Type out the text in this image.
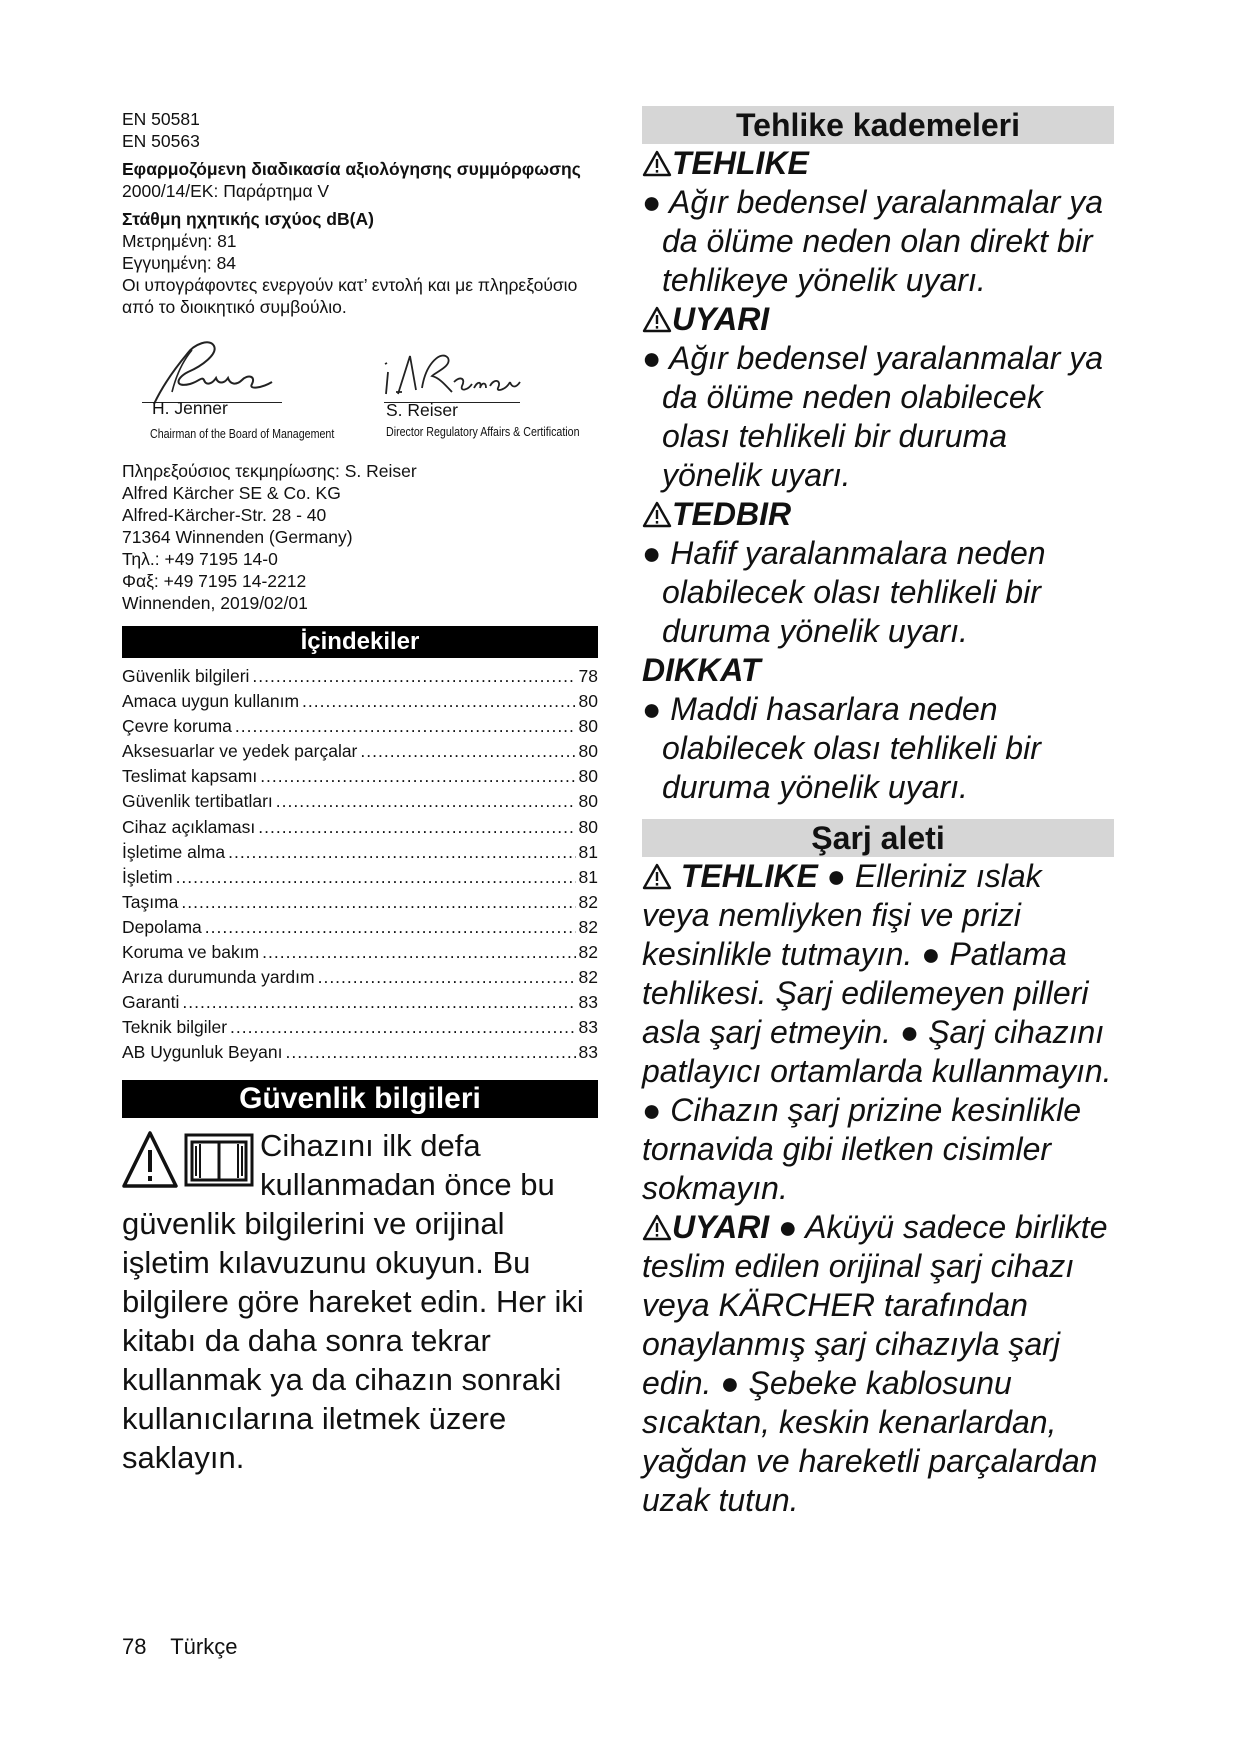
EN 50581
EN 50563
Εφαρμοζόμενη διαδικασία αξιολόγησης συμμόρφωσης
2000/14/ΕΚ: Παράρτημα V
Στάθμη ηχητικής ισχύος dB(A)
Μετρημένη: 81
Εγγυημένη: 84
Οι υπογράφοντες ενεργούν κατ’ εντολή και με πληρεξούσιο από το διοικητικό συμβούλιο.
H. Jenner	S. Reiser
Chairman of the Board of Management	Director Regulatory Affairs & Certification
Πληρεξούσιος τεκμηρίωσης: S. Reiser
Alfred Kärcher SE & Co. KG
Alfred-Kärcher-Str. 28 - 40
71364 Winnenden (Germany)
Τηλ.: +49 7195 14-0
Φαξ: +49 7195 14-2212
Winnenden, 2019/02/01
İçindekiler
Güvenlik bilgileri .....	78
Amaca uygun kullanım .....	80
Çevre koruma .....	80
Aksesuarlar ve yedek parçalar .....	80
Teslimat kapsamı .....	80
Güvenlik tertibatları .....	80
Cihaz açıklaması .....	80
İşletime alma .....	81
İşletim .....	81
Taşıma .....	82
Depolama .....	82
Koruma ve bakım .....	82
Arıza durumunda yardım .....	82
Garanti .....	83
Teknik bilgiler .....	83
AB Uygunluk Beyanı .....	83
Güvenlik bilgileri
Cihazını ilk defa kullanmadan önce bu güvenlik bilgilerini ve orijinal işletim kılavuzunu okuyun. Bu bilgilere göre hareket edin. Her iki kitabı da daha sonra tekrar kullanmak ya da cihazın sonraki kullanıcılarına iletmek üzere saklayın.
Tehlike kademeleri
TEHLIKE
● Ağır bedensel yaralanmalar ya da ölüme neden olan direkt bir tehlikeye yönelik uyarı.
UYARI
● Ağır bedensel yaralanmalar ya da ölüme neden olabilecek olası tehlikeli bir duruma yönelik uyarı.
TEDBIR
● Hafif yaralanmalara neden olabilecek olası tehlikeli bir duruma yönelik uyarı.
DIKKAT
● Maddi hasarlara neden olabilecek olası tehlikeli bir duruma yönelik uyarı.
Şarj aleti
TEHLIKE ● Elleriniz ıslak veya nemliyken fişi ve prizi kesinlikle tutmayın. ● Patlama tehlikesi. Şarj edilemeyen pilleri asla şarj etmeyin. ● Şarj cihazını patlayıcı ortamlarda kullanmayın. ● Cihazın şarj prizine kesinlikle tornavida gibi iletken cisimler sokmayın.
UYARI ● Aküyü sadece birlikte teslim edilen orijinal şarj cihazı veya KÄRCHER tarafından onaylanmış şarj cihazıyla şarj edin. ● Şebeke kablosunu sıcaktan, keskin kenarlardan, yağdan ve hareketli parçalardan uzak tutun.
78 Türkçe
